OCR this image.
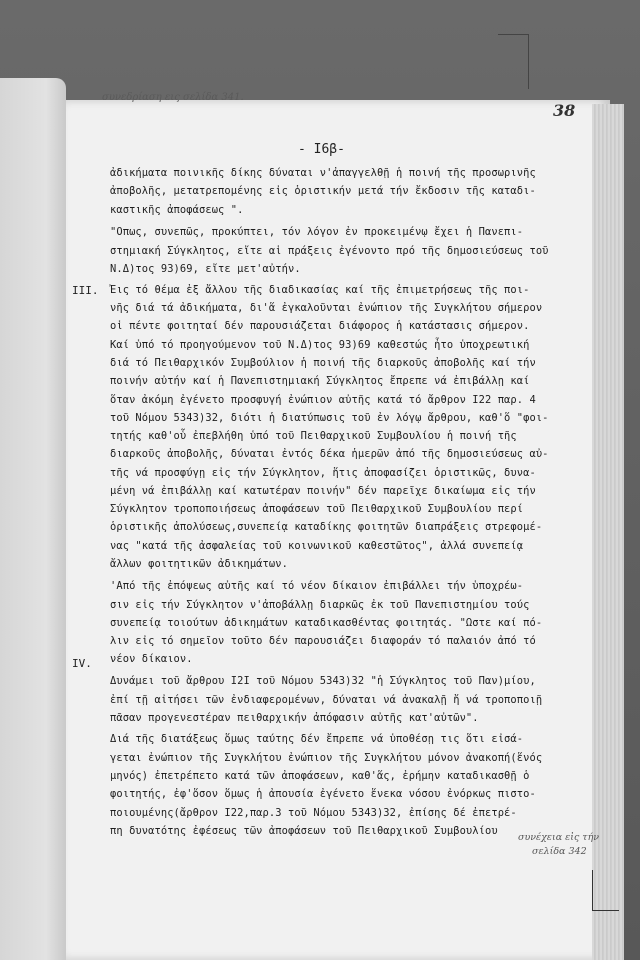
συνεδρίαση εις σελίδα 341.
38
- I6β-
III.
IV.
ἀδικήματα ποινικῆς δίκης δύναται ν'ἀπαγγελθῇ ἡ ποινή τῆς προσωρινῆς
ἀποβολῆς, μετατρεπομένης εἰς ὁριστικήν μετά τήν ἔκδοσιν τῆς καταδι-
καστικῆς ἀποφάσεως ".
"Οπως, συνεπῶς, προκύπτει, τόν λόγον ἐν προκειμένῳ ἔχει ἡ Πανεπι-
στημιακή Σύγκλητος, εἴτε αἱ πράξεις ἐγένοντο πρό τῆς δημοσιεύσεως τοῦ
Ν.Δ)τος 93)69, εἴτε μετ'αὐτήν.
Ἐις τό θέμα ἐξ ἄλλου τῆς διαδικασίας καί τῆς ἐπιμετρήσεως τῆς ποι-
νῆς διά τά ἀδικήματα, δι'ἅ ἐγκαλοῦνται ἐνώπιον τῆς Συγκλήτου σήμερον
οἱ πέντε φοιτηταί δέν παρουσιάζεται διάφορος ἡ κατάστασις σήμερον.
Καί ὑπό τό προηγούμενον τοῦ Ν.Δ)τος 93)69 καθεστώς ἦτο ὑποχρεωτική
διά τό Πειθαρχικόν Συμβούλιον ἡ ποινή τῆς διαρκοῦς ἀποβολῆς καί τήν
ποινήν αὐτήν καί ἡ Πανεπιστημιακή Σύγκλητος ἔπρεπε νά ἐπιβάλλῃ καί
ὅταν ἀκόμη ἐγένετο προσφυγή ἐνώπιον αὐτῆς κατά τό ἄρθρον I22 παρ. 4
τοῦ Νόμου 5343)32, διότι ἡ διατύπωσις τοῦ ἐν λόγῳ ἄρθρου, καθ'ὅ "φοι-
τητής καθ'οὗ ἐπεβλήθη ὑπό τοῦ Πειθαρχικοῦ Συμβουλίου ἡ ποινή τῆς
διαρκοῦς ἀποβολῆς, δύναται ἐντός δέκα ἡμερῶν ἀπό τῆς δημοσιεύσεως αὐ-
τῆς νά προσφύγῃ εἰς τήν Σύγκλητον, ἥτις ἀποφασίζει ὁριστικῶς, δυνα-
μένη νά ἐπιβάλλῃ καί κατωτέραν ποινήν" δέν παρεῖχε δικαίωμα εἰς τήν
Σύγκλητον τροποποιήσεως ἀποφάσεων τοῦ Πειθαρχικοῦ Συμβουλίου περί
ὁριστικῆς ἀπολύσεως,συνεπείᾳ καταδίκης φοιτητῶν διαπράξεις στρεφομέ-
νας "κατά τῆς ἀσφαλείας τοῦ κοινωνικοῦ καθεστῶτος", ἀλλά συνεπείᾳ
ἄλλων φοιτητικῶν ἀδικημάτων.
'Από τῆς ἐπόψεως αὐτῆς καί τό νέον δίκαιον ἐπιβάλλει τήν ὑποχρέω-
σιν εἰς τήν Σύγκλητον ν'ἀποβάλλῃ διαρκῶς ἐκ τοῦ Πανεπιστημίου τούς
συνεπείᾳ τοιούτων ἀδικημάτων καταδικασθέντας φοιτητάς. "Ωστε καί πό-
λιν εἰς τό σημεῖον τοῦτο δέν παρουσιάζει διαφοράν τό παλαιόν ἀπό τό
νέον δίκαιον.
Δυνάμει τοῦ ἄρθρου I2I τοῦ Νόμου 5343)32 "ἡ Σύγκλητος τοῦ Παν)μίου,
ἐπί τῇ αἰτήσει τῶν ἐνδιαφερομένων, δύναται νά ἀνακαλῇ ἤ νά τροποποιῇ
πᾶσαν προγενεστέραν πειθαρχικήν ἀπόφασιν αὐτῆς κατ'αὐτῶν".
Διά τῆς διατάξεως ὅμως ταύτης δέν ἔπρεπε νά ὑποθέσῃ τις ὅτι εἰσά-
γεται ἐνώπιον τῆς Συγκλήτου ἐνώπιον τῆς Συγκλήτου μόνον ἀνακοπή(ἕνός
μηνός) ἐπετρέπετο κατά τῶν ἀποφάσεων, καθ'ἅς, ἐρήμην καταδικασθῇ ὁ
φοιτητής, ἐφ'ὅσον ὅμως ἡ ἀπουσία ἐγένετο ἕνεκα νόσου ἐνόρκως πιστο-
ποιουμένης(ἄρθρον I22,παρ.3 τοῦ Νόμου 5343)32, ἐπίσης δέ ἐπετρέ-
πη δυνατότης ἐφέσεως τῶν ἀποφάσεων τοῦ Πειθαρχικοῦ Συμβουλίου
συνέχεια εἰς τήν
σελίδα 342
